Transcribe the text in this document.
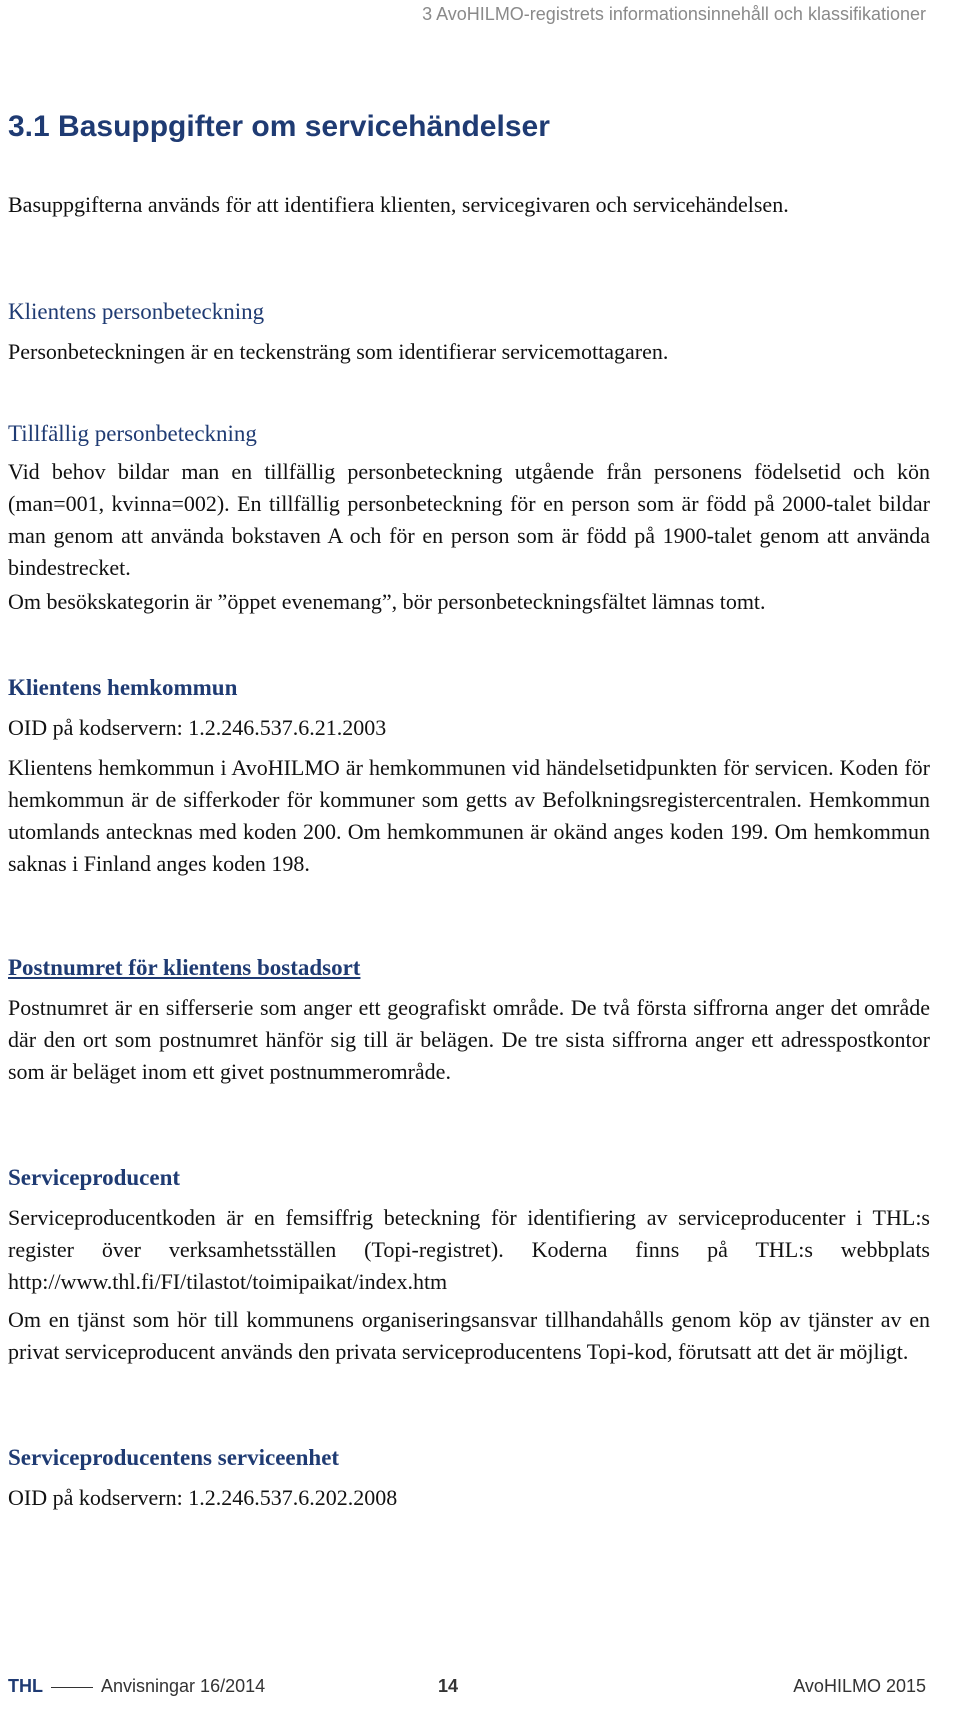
3 AvoHILMO-registrets informationsinnehåll och klassifikationer
3.1 Basuppgifter om servicehändelser

Basuppgifterna används för att identifiera klienten, servicegivaren och servicehändelsen.

Klientens personbeteckning

Personbeteckningen är en teckensträng som identifierar servicemottagaren.

Tillfällig personbeteckning

Vid behov bildar man en tillfällig personbeteckning utgående från personens födelsetid och kön (man=001, kvinna=002). En tillfällig personbeteckning för en person som är född på 2000-talet bildar man genom att använda bokstaven A och för en person som är född på 1900-talet genom att använda bindestrecket.

Om besökskategorin är ”öppet evenemang”, bör personbeteckningsfältet lämnas tomt.

Klientens hemkommun

OID på kodservern: 1.2.246.537.6.21.2003

Klientens hemkommun i AvoHILMO är hemkommunen vid händelsetidpunkten för servicen. Koden för hemkommun är de sifferkoder för kommuner som getts av Befolkningsregistercentralen. Hemkommun utomlands antecknas med koden 200. Om hemkommunen är okänd anges koden 199. Om hemkommun saknas i Finland anges koden 198.

Postnumret för klientens bostadsort

Postnumret är en sifferserie som anger ett geografiskt område. De två första siffrorna anger det område där den ort som postnumret hänför sig till är belägen. De tre sista siffrorna anger ett adresspostkontor som är beläget inom ett givet postnummerområde.

Serviceproducent

Serviceproducentkoden är en femsiffrig beteckning för identifiering av serviceproducenter i THL:s register över verksamhetsställen (Topi-registret). Koderna finns på THL:s webbplats http://www.thl.fi/FI/tilastot/toimipaikat/index.htm

Om en tjänst som hör till kommunens organiseringsansvar tillhandahålls genom köp av tjänster av en privat serviceproducent används den privata serviceproducentens Topi-kod, förutsatt att det är möjligt.

Serviceproducentens serviceenhet

OID på kodservern: 1.2.246.537.6.202.2008

THL	Anvisningar 16/2014	14	AvoHILMO 2015
